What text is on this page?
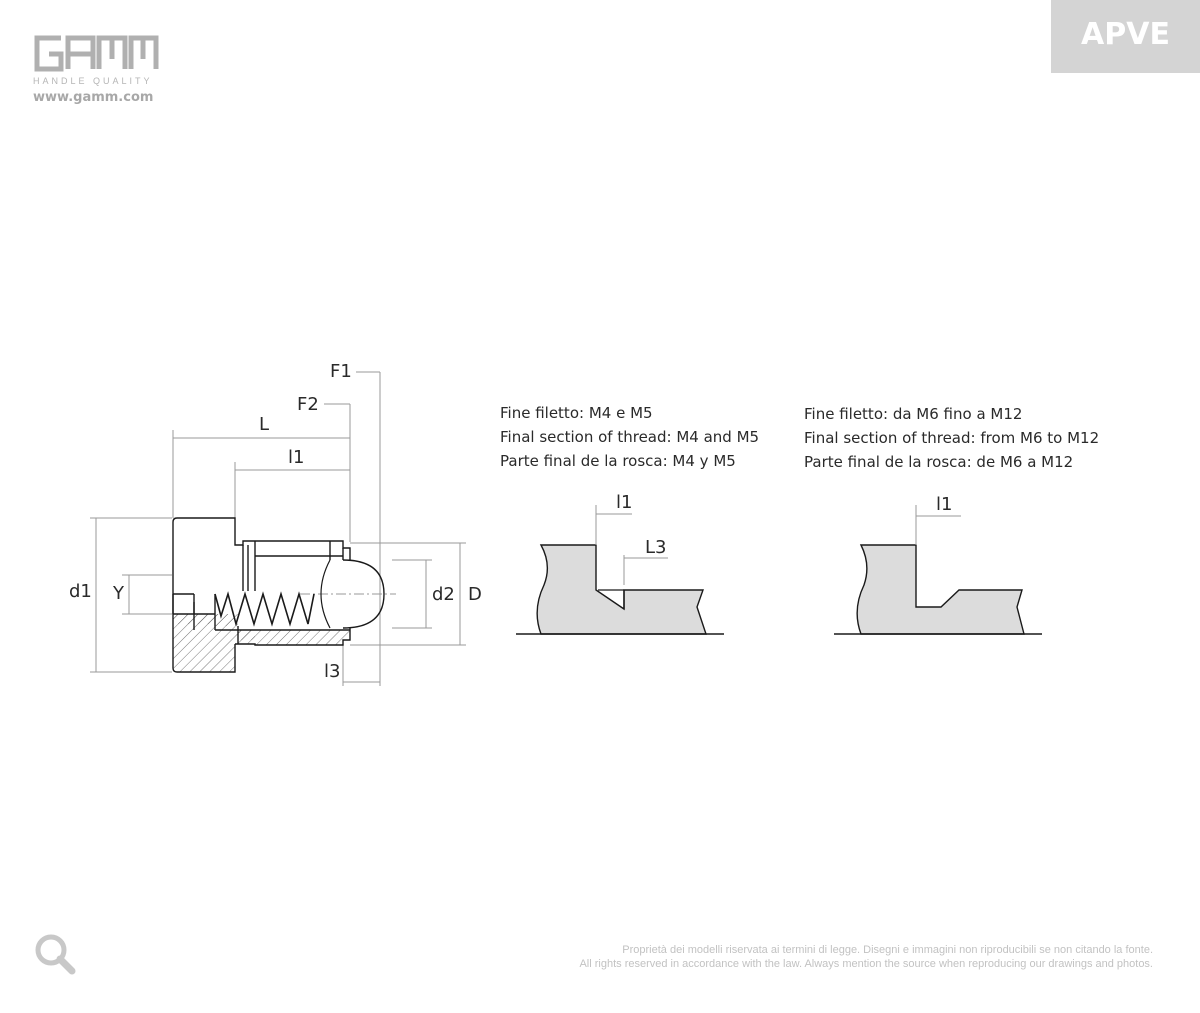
HANDLE QUALITY
www.gamm.com
APVE
F1
F2
L
l1
d1 Y	d2 D
l3
l1
L3
l1
Fine filetto: M4 e M5
Final section of thread: M4 and M5
Parte final de la rosca: M4 y M5
Fine filetto: da M6 fino a M12
Final section of thread: from M6 to M12
Parte final de la rosca: de M6 a M12
Proprietà dei modelli riservata ai termini di legge. Disegni e immagini non riproducibili se non citando la fonte.
All rights reserved in accordance with the law. Always mention the source when reproducing our drawings and photos.
